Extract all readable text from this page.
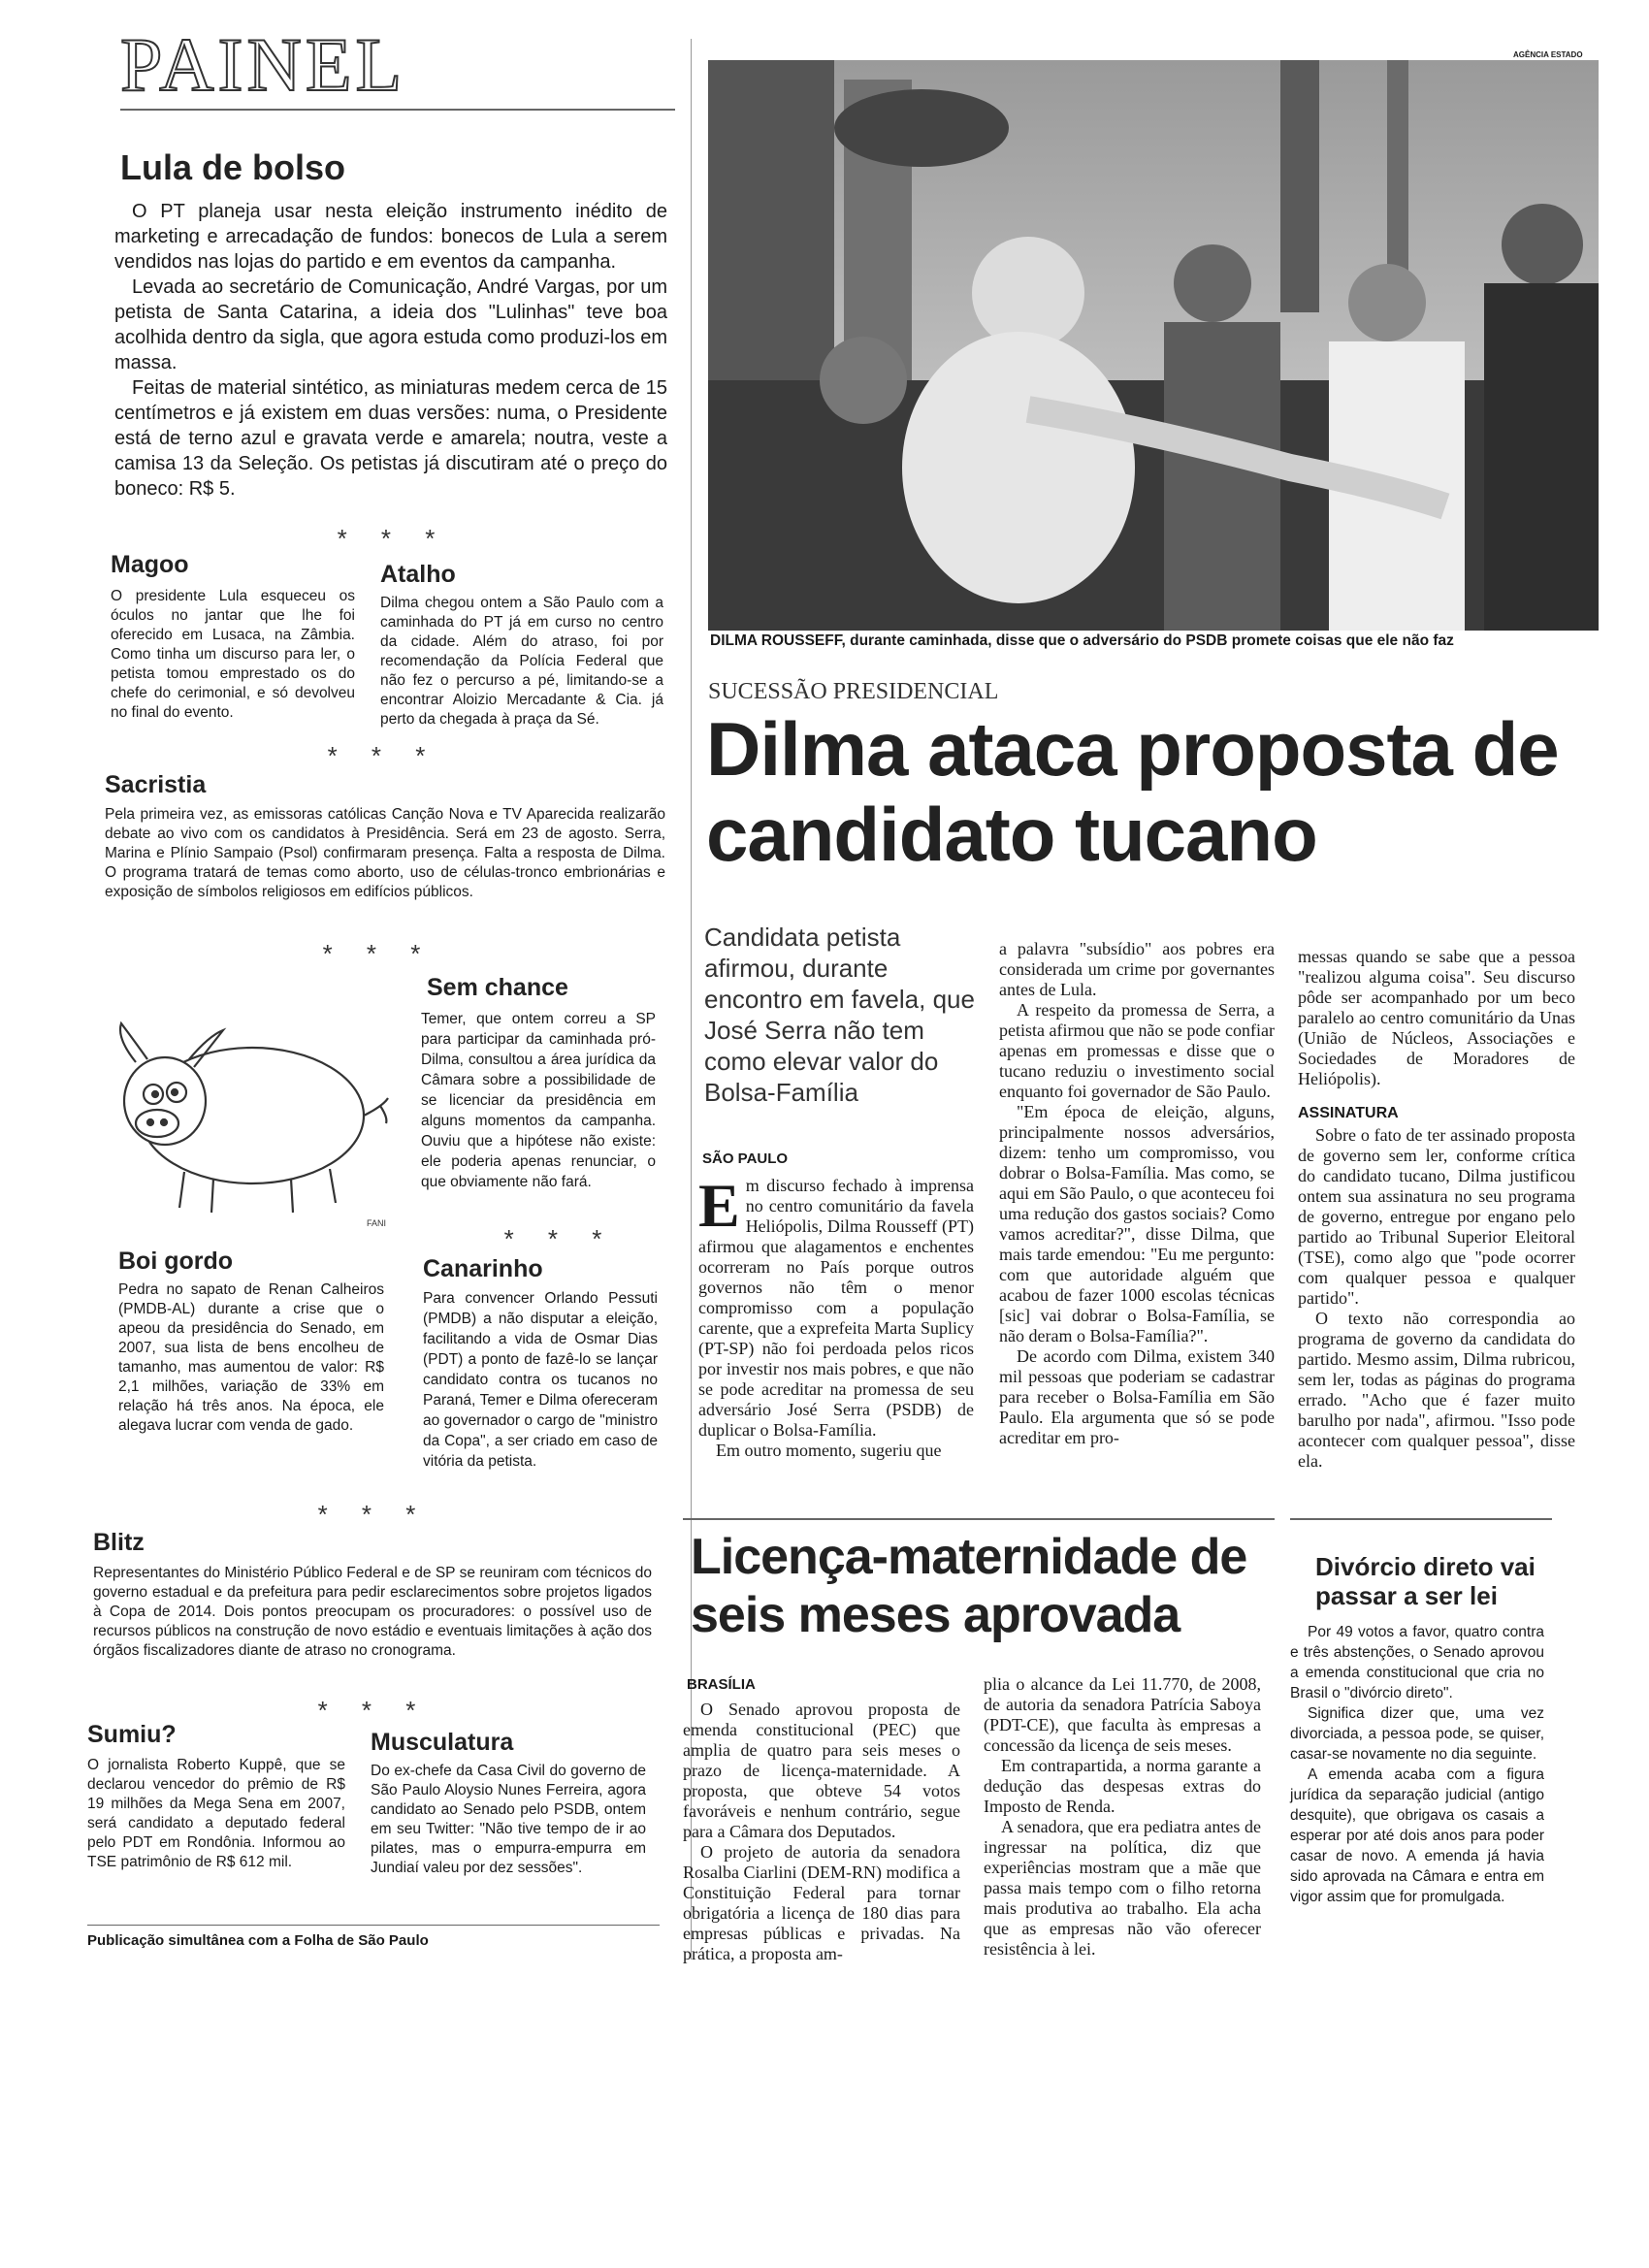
PAINEL
Lula de bolso

O PT planeja usar nesta eleição instrumento inédito de marketing e arrecadação de fundos: bonecos de Lula a serem vendidos nas lojas do partido e em eventos da campanha.

Levada ao secretário de Comunicação, André Vargas, por um petista de Santa Catarina, a ideia dos "Lulinhas" teve boa acolhida dentro da sigla, que agora estuda como produzi-los em massa.

Feitas de material sintético, as miniaturas medem cerca de 15 centímetros e já existem em duas versões: numa, o Presidente está de terno azul e gravata verde e amarela; noutra, veste a camisa 13 da Seleção. Os petistas já discutiram até o preço do boneco: R$ 5.

* * *
Magoo

O presidente Lula esqueceu os óculos no jantar que lhe foi oferecido em Lusaca, na Zâmbia. Como tinha um discurso para ler, o petista tomou emprestado os do chefe do cerimonial, e só devolveu no final do evento.

Atalho

Dilma chegou ontem a São Paulo com a caminhada do PT já em curso no centro da cidade. Além do atraso, foi por recomendação da Polícia Federal que não fez o percurso a pé, limitando-se a encontrar Aloizio Mercadante & Cia. já perto da chegada à praça da Sé.

* * *
Sacristia

Pela primeira vez, as emissoras católicas Canção Nova e TV Aparecida realizarão debate ao vivo com os candidatos à Presidência. Será em 23 de agosto. Serra, Marina e Plínio Sampaio (Psol) confirmaram presença. Falta a resposta de Dilma. O programa tratará de temas como aborto, uso de células-tronco embrionárias e exposição de símbolos religiosos em edifícios públicos.

* * *
FANI
Sem chance

Temer, que ontem correu a SP para participar da caminhada pró-Dilma, consultou a área jurídica da Câmara sobre a possibilidade de se licenciar da presidência em alguns momentos da campanha. Ouviu que a hipótese não existe: ele poderia apenas renunciar, o que obviamente não fará.

* * *
Boi gordo

Pedra no sapato de Renan Calheiros (PMDB-AL) durante a crise que o apeou da presidência do Senado, em 2007, sua lista de bens encolheu de tamanho, mas aumentou de valor: R$ 2,1 milhões, variação de 33% em relação há três anos. Na época, ele alegava lucrar com venda de gado.

Canarinho

Para convencer Orlando Pessuti (PMDB) a não disputar a eleição, facilitando a vida de Osmar Dias (PDT) a ponto de fazê-lo se lançar candidato contra os tucanos no Paraná, Temer e Dilma ofereceram ao governador o cargo de "ministro da Copa", a ser criado em caso de vitória da petista.

* * *
Blitz

Representantes do Ministério Público Federal e de SP se reuniram com técnicos do governo estadual e da prefeitura para pedir esclarecimentos sobre projetos ligados à Copa de 2014. Dois pontos preocupam os procuradores: o possível uso de recursos públicos na construção de novo estádio e eventuais limitações à ação dos órgãos fiscalizadores diante de atraso no cronograma.

* * *
Sumiu?

O jornalista Roberto Kuppê, que se declarou vencedor do prêmio de R$ 19 milhões da Mega Sena em 2007, será candidato a deputado federal pelo PDT em Rondônia. Informou ao TSE patrimônio de R$ 612 mil.

Musculatura

Do ex-chefe da Casa Civil do governo de São Paulo Aloysio Nunes Ferreira, agora candidato ao Senado pelo PSDB, ontem em seu Twitter: "Não tive tempo de ir ao pilates, mas o empurra-empurra em Jundiaí valeu por dez sessões".

Publicação simultânea com a Folha de São Paulo
AGÊNCIA ESTADO
DILMA ROUSSEFF, durante caminhada, disse que o adversário do PSDB promete coisas que ele não faz
SUCESSÃO PRESIDENCIAL
Dilma ataca proposta de candidato tucano
Candidata petista afirmou, durante encontro em favela, que José Serra não tem como elevar valor do Bolsa-Família
SÃO PAULO
E m discurso fechado à imprensa no centro comunitário da favela Heliópolis, Dilma Rousseff (PT) afirmou que alagamentos e enchentes ocorreram no País porque outros governos não têm o menor compromisso com a população carente, que a exprefeita Marta Suplicy (PT-SP) não foi perdoada pelos ricos por investir nos mais pobres, e que não se pode acreditar na promessa de seu adversário José Serra (PSDB) de duplicar o Bolsa-Família.

Em outro momento, sugeriu que

a palavra "subsídio" aos pobres era considerada um crime por governantes antes de Lula.

A respeito da promessa de Serra, a petista afirmou que não se pode confiar apenas em promessas e disse que o tucano reduziu o investimento social enquanto foi governador de São Paulo.

"Em época de eleição, alguns, principalmente nossos adversários, dizem: tenho um compromisso, vou dobrar o Bolsa-Família. Mas como, se aqui em São Paulo, o que aconteceu foi uma redução dos gastos sociais? Como vamos acreditar?", disse Dilma, que mais tarde emendou: "Eu me pergunto: com que autoridade alguém que acabou de fazer 1000 escolas técnicas [sic] vai dobrar o Bolsa-Família, se não deram o Bolsa-Família?".

De acordo com Dilma, existem 340 mil pessoas que poderiam se cadastrar para receber o Bolsa-Família em São Paulo. Ela argumenta que só se pode acreditar em pro-

messas quando se sabe que a pessoa "realizou alguma coisa". Seu discurso pôde ser acompanhado por um beco paralelo ao centro comunitário da Unas (União de Núcleos, Associações e Sociedades de Moradores de Heliópolis).

ASSINATURA

Sobre o fato de ter assinado proposta de governo sem ler, conforme crítica do candidato tucano, Dilma justificou ontem sua assinatura no seu programa de governo, entregue por engano pelo partido ao Tribunal Superior Eleitoral (TSE), como algo que "pode ocorrer com qualquer pessoa e qualquer partido".

O texto não correspondia ao programa de governo da candidata do partido. Mesmo assim, Dilma rubricou, sem ler, todas as páginas do programa errado. "Acho que é fazer muito barulho por nada", afirmou. "Isso pode acontecer com qualquer pessoa", disse ela.

Licença-maternidade de seis meses aprovada
BRASÍLIA

O Senado aprovou proposta de emenda constitucional (PEC) que amplia de quatro para seis meses o prazo de licença-maternidade. A proposta, que obteve 54 votos favoráveis e nenhum contrário, segue para a Câmara dos Deputados.

O projeto de autoria da senadora Rosalba Ciarlini (DEM-RN) modifica a Constituição Federal para tornar obrigatória a licença de 180 dias para empresas públicas e privadas. Na prática, a proposta am-

plia o alcance da Lei 11.770, de 2008, de autoria da senadora Patrícia Saboya (PDT-CE), que faculta às empresas a concessão da licença de seis meses.

Em contrapartida, a norma garante a dedução das despesas extras do Imposto de Renda.

A senadora, que era pediatra antes de ingressar na política, diz que experiências mostram que a mãe que passa mais tempo com o filho retorna mais produtiva ao trabalho. Ela acha que as empresas não vão oferecer resistência à lei.

Divórcio direto vai passar a ser lei

Por 49 votos a favor, quatro contra e três abstenções, o Senado aprovou a emenda constitucional que cria no Brasil o "divórcio direto".

Significa dizer que, uma vez divorciada, a pessoa pode, se quiser, casar-se novamente no dia seguinte.

A emenda acaba com a figura jurídica da separação judicial (antigo desquite), que obrigava os casais a esperar por até dois anos para poder casar de novo. A emenda já havia sido aprovada na Câmara e entra em vigor assim que for promulgada.
